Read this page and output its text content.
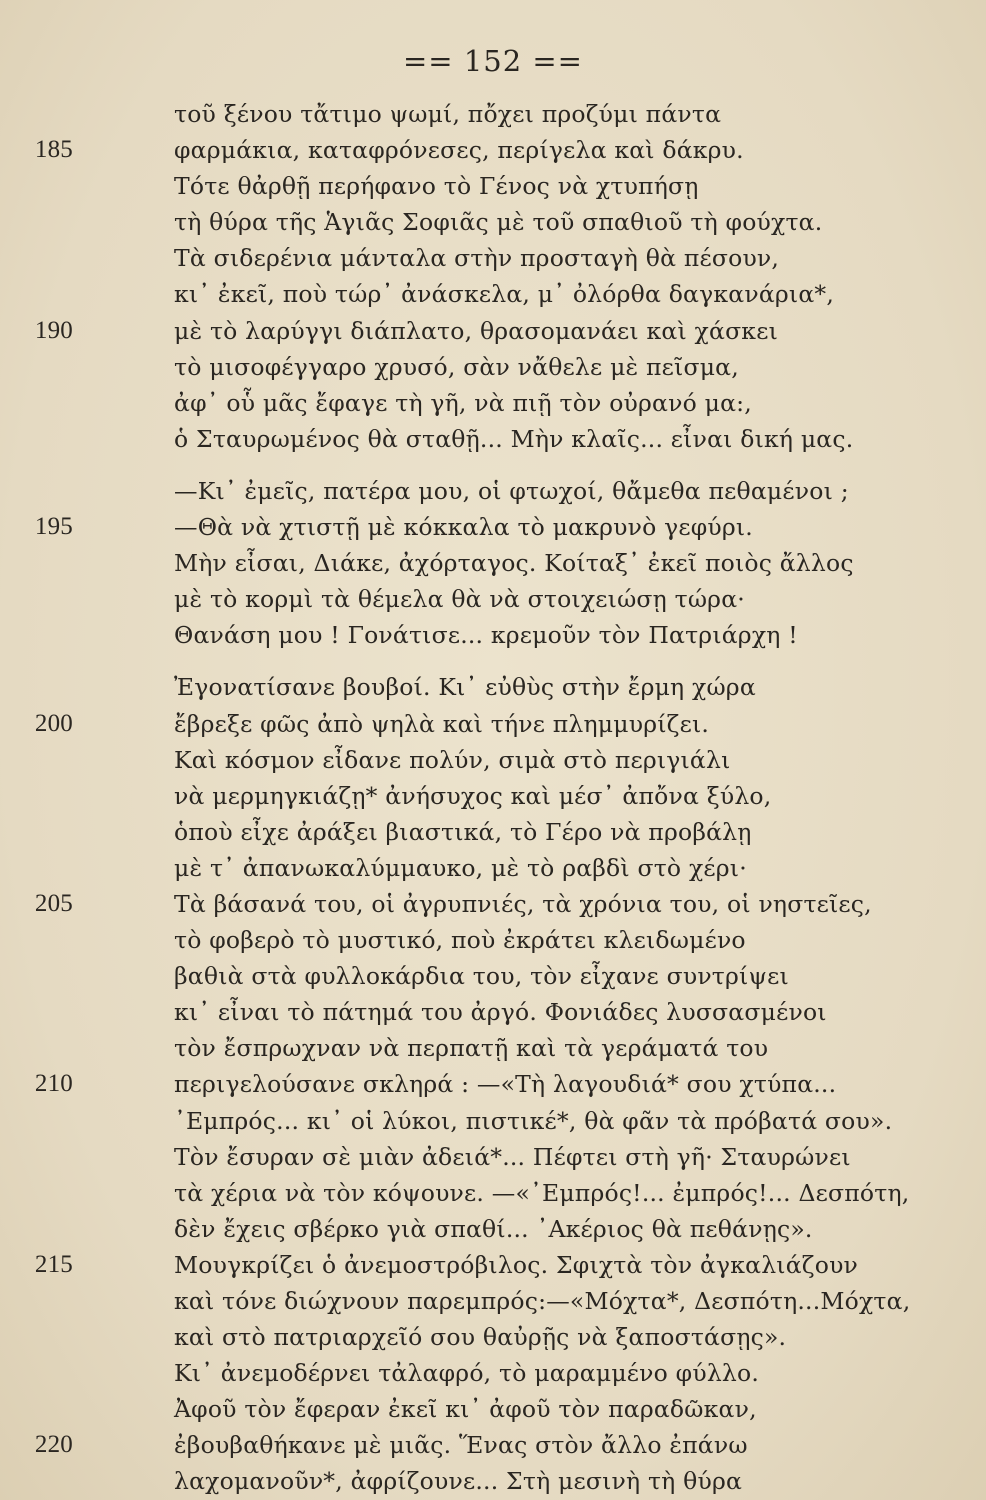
== 152 ==
τοῦ ξένου τἄτιμο ψωμί, πὄχει προζύμι πάντα
185	φαρμάκια, καταφρόνεσες, περίγελα καὶ δάκρυ.
Τότε θἀρθῇ περήφανο τὸ Γένος νὰ χτυπήσῃ
τὴ θύρα τῆς Ἁγιᾶς Σοφιᾶς μὲ τοῦ σπαθιοῦ τὴ φούχτα.
Τὰ σιδερένια μάνταλα στὴν προσταγὴ θὰ πέσουν,
κι᾿ ἐκεῖ, ποὺ τώρ᾿ ἀνάσκελα, μ᾿ ὀλόρθα δαγκανάρια*,
190	μὲ τὸ λαρύγγι διάπλατο, θρασομανάει καὶ χάσκει
τὸ μισοφέγγαρο χρυσό, σὰν νἄθελε μὲ πεῖσμα,
ἀφ᾿ οὗ μᾶς ἔφαγε τὴ γῆ, νὰ πιῇ τὸν οὐρανό μα:,
ὁ Σταυρωμένος θὰ σταθῇ... Μὴν κλαῖς... εἶναι δική μας.
—Κι᾿ ἐμεῖς, πατέρα μου, οἱ φτωχοί, θἄμεθα πεθαμένοι ;
195	—Θὰ νὰ χτιστῇ μὲ κόκκαλα τὸ μακρυνὸ γεφύρι.
Μὴν εἶσαι, Διάκε, ἀχόρταγος. Κοίταξ᾿ ἐκεῖ ποιὸς ἄλλος
μὲ τὸ κορμὶ τὰ θέμελα θὰ νὰ στοιχειώσῃ τώρα·
Θανάση μου ! Γονάτισε... κρεμοῦν τὸν Πατριάρχη !
Ἐγονατίσανε βουβοί. Κι᾿ εὐθὺς στὴν ἔρμη χώρα
200	ἔβρεξε φῶς ἀπὸ ψηλὰ καὶ τήνε πλημμυρίζει.
Καὶ κόσμον εἶδανε πολύν, σιμὰ στὸ περιγιάλι
νὰ μερμηγκιάζῃ* ἀνήσυχος καὶ μέσ᾿ ἀπὄνα ξύλο,
ὁποὺ εἶχε ἀράξει βιαστικά, τὸ Γέρο νὰ προβάλῃ
μὲ τ᾿ ἀπανωκαλύμμαυκο, μὲ τὸ ραβδὶ στὸ χέρι·
205	Τὰ βάσανά του, οἱ ἀγρυπνιές, τὰ χρόνια του, οἱ νηστεῖες,
τὸ φοβερὸ τὸ μυστικό, ποὺ ἐκράτει κλειδωμένο
βαθιὰ στὰ φυλλοκάρδια του, τὸν εἶχανε συντρίψει
κι᾿ εἶναι τὸ πάτημά του ἀργό. Φονιάδες λυσσασμένοι
τὸν ἔσπρωχναν νὰ περπατῇ καὶ τὰ γεράματά του
210	περιγελούσανε σκληρά : —«Τὴ λαγουδιά* σου χτύπα...
᾿Εμπρός... κι᾿ οἱ λύκοι, πιστικέ*, θὰ φᾶν τὰ πρόβατά σου».
Τὸν ἔσυραν σὲ μιὰν ἀδειά*... Πέφτει στὴ γῆ· Σταυρώνει
τὰ χέρια νὰ τὸν κόψουνε. —«᾿Εμπρός!... ἐμπρός!... Δεσπότη,
δὲν ἔχεις σβέρκο γιὰ σπαθί... ᾿Ακέριος θὰ πεθάνῃς».
215	Μουγκρίζει ὁ ἀνεμοστρόβιλος. Σφιχτὰ τὸν ἀγκαλιάζουν
καὶ τόνε διώχνουν παρεμπρός:—«Μόχτα*, Δεσπότη...Μόχτα,
καὶ στὸ πατριαρχεῖό σου θαὐρῇς νὰ ξαποστάσῃς».
Κι᾿ ἀνεμοδέρνει τἀλαφρό, τὸ μαραμμένο φύλλο.
Ἀφοῦ τὸν ἔφεραν ἐκεῖ κι᾿ ἀφοῦ τὸν παραδῶκαν,
220	ἐβουβαθήκανε μὲ μιᾶς. Ἕνας στὸν ἄλλο ἐπάνω
λαχομανοῦν*, ἀφρίζουνε... Στὴ μεσινὴ τὴ θύρα
